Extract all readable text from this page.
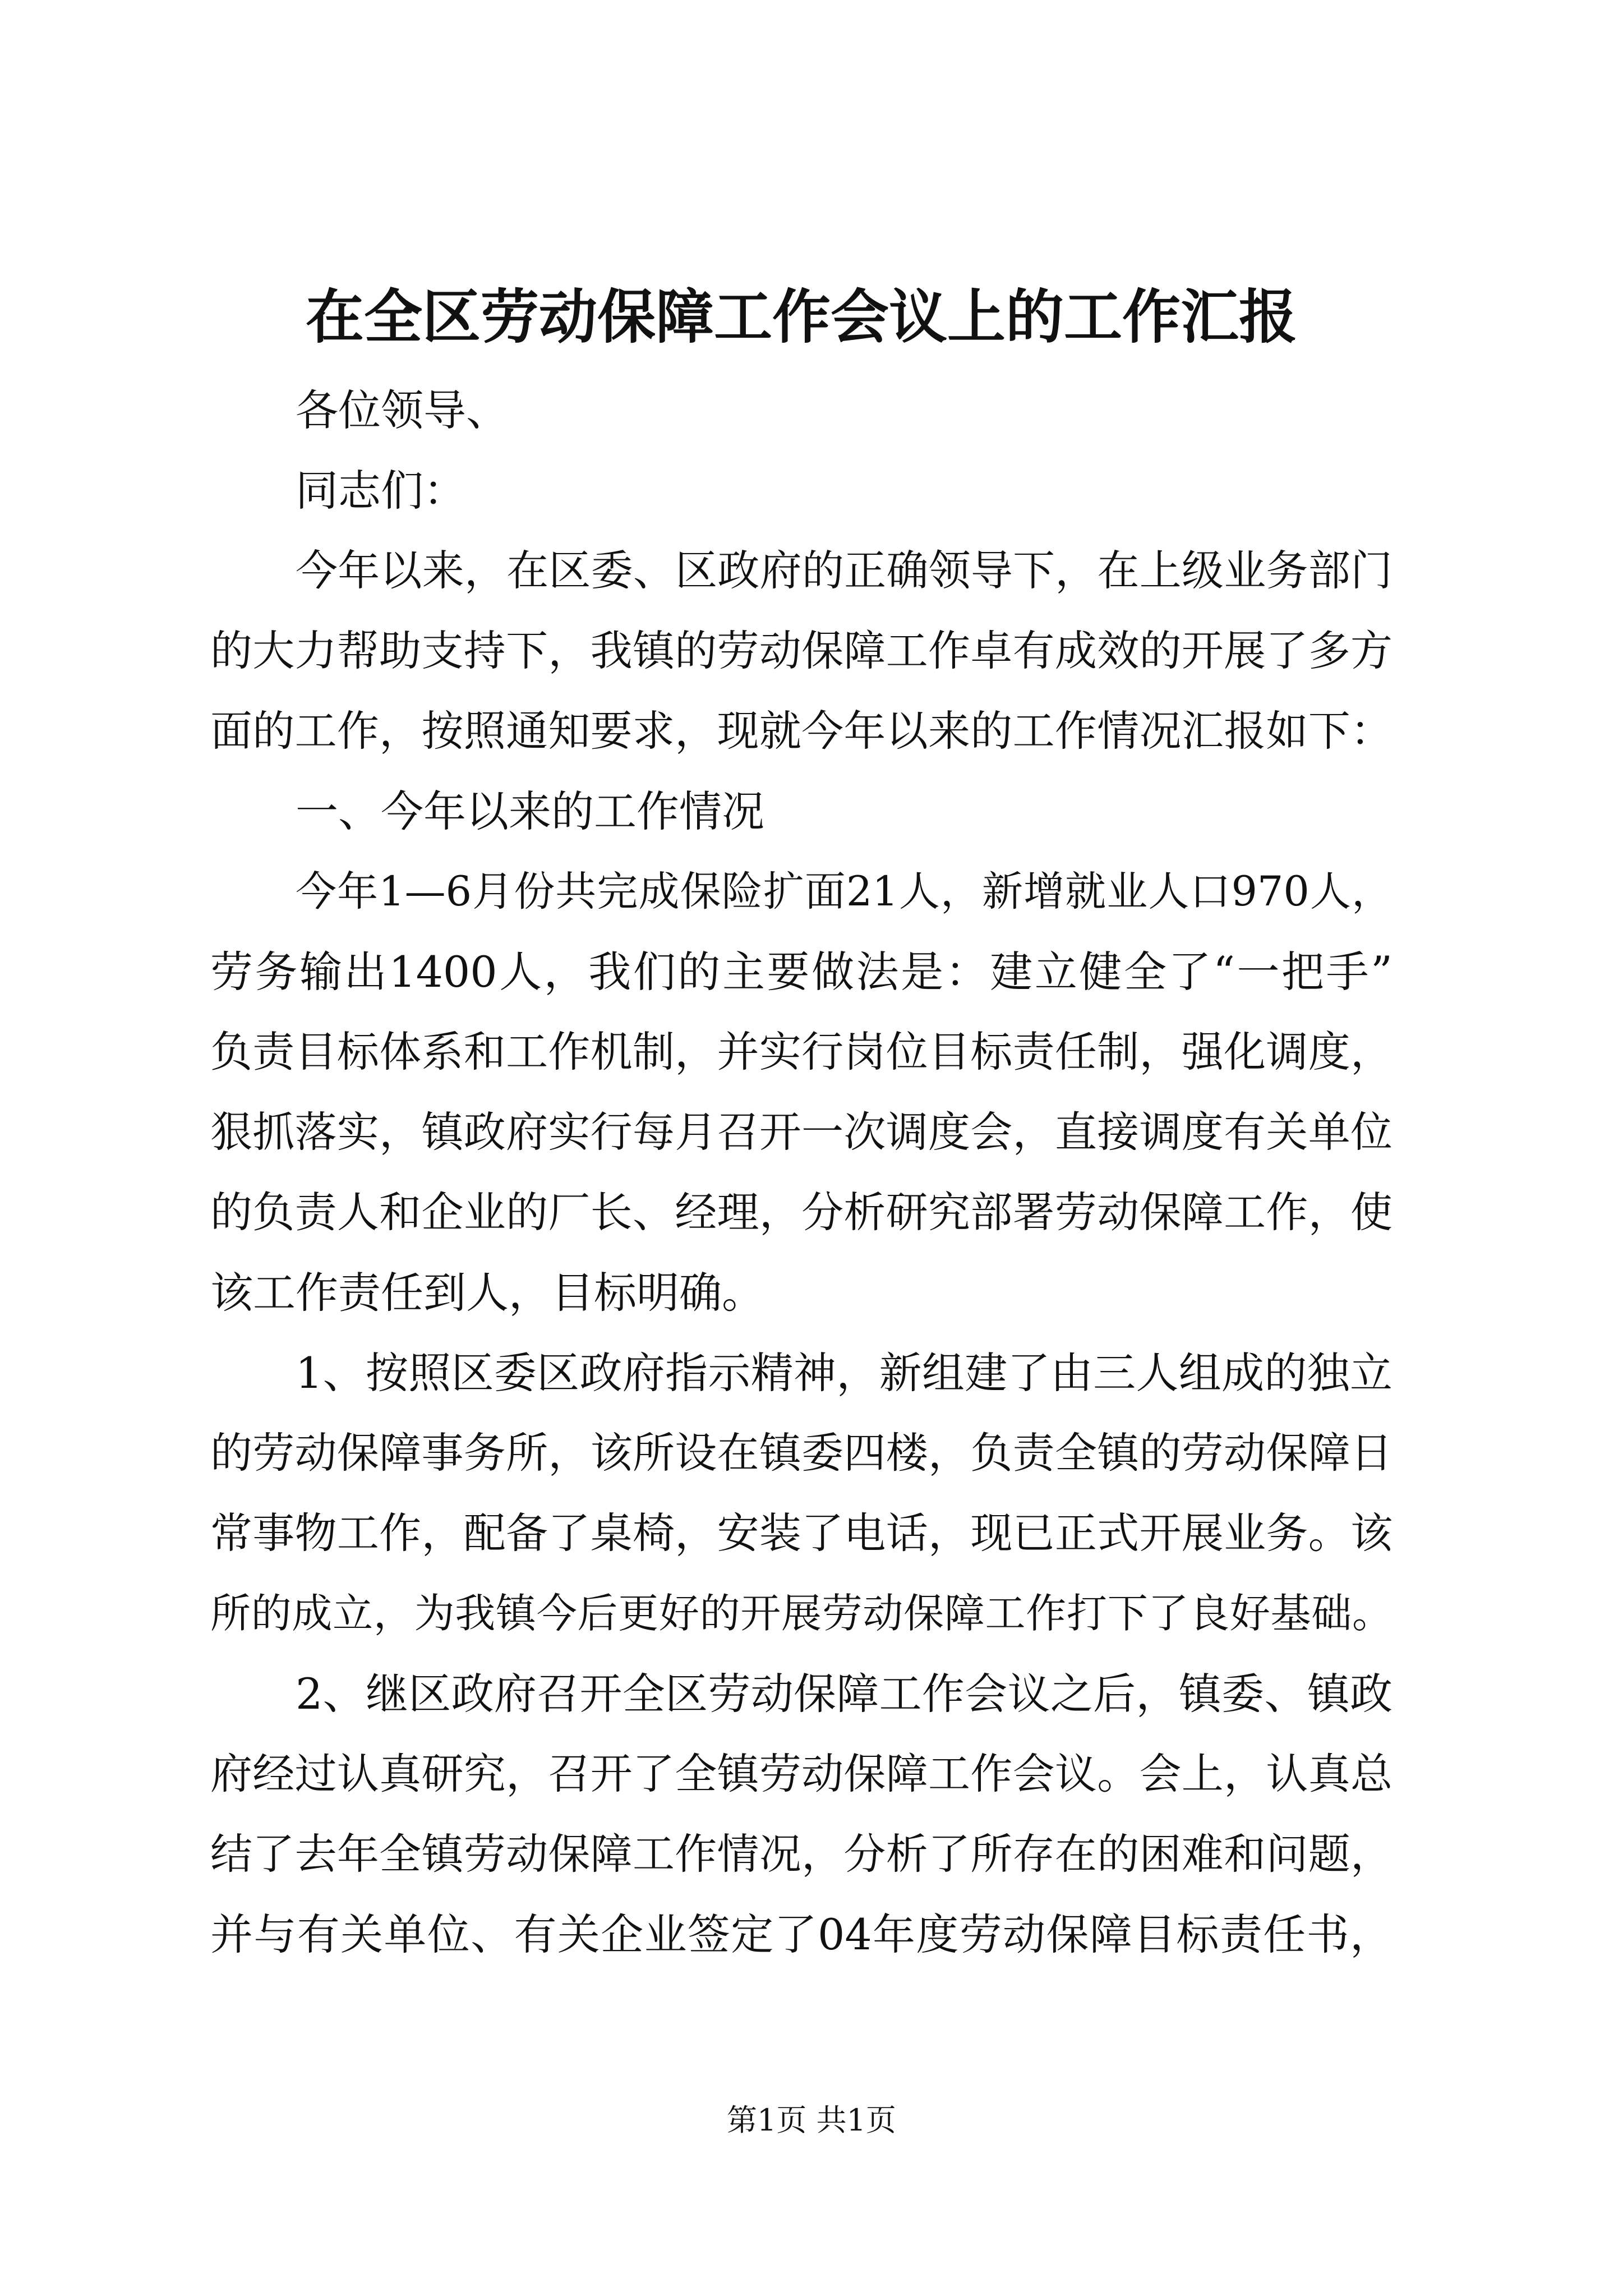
在全区劳动保障工作会议上的工作汇报
各位领导、
同志们：
今年以来，在区委、区政府的正确领导下，在上级业务部门
的大力帮助支持下，我镇的劳动保障工作卓有成效的开展了多方
面的工作，按照通知要求，现就今年以来的工作情况汇报如下：
一、今年以来的工作情况
今年1—6月份共完成保险扩面21人，新增就业人口970人，
劳务输出1400人，我们的主要做法是：建立健全了“一把手”
负责目标体系和工作机制，并实行岗位目标责任制，强化调度，
狠抓落实，镇政府实行每月召开一次调度会，直接调度有关单位
的负责人和企业的厂长、经理，分析研究部署劳动保障工作，使
该工作责任到人，目标明确。
1、按照区委区政府指示精神，新组建了由三人组成的独立
的劳动保障事务所，该所设在镇委四楼，负责全镇的劳动保障日
常事物工作，配备了桌椅，安装了电话，现已正式开展业务。该
所的成立，为我镇今后更好的开展劳动保障工作打下了良好基础。
2、继区政府召开全区劳动保障工作会议之后，镇委、镇政
府经过认真研究，召开了全镇劳动保障工作会议。会上，认真总
结了去年全镇劳动保障工作情况，分析了所存在的困难和问题，
并与有关单位、有关企业签定了04年度劳动保障目标责任书，
第1页 共1页
